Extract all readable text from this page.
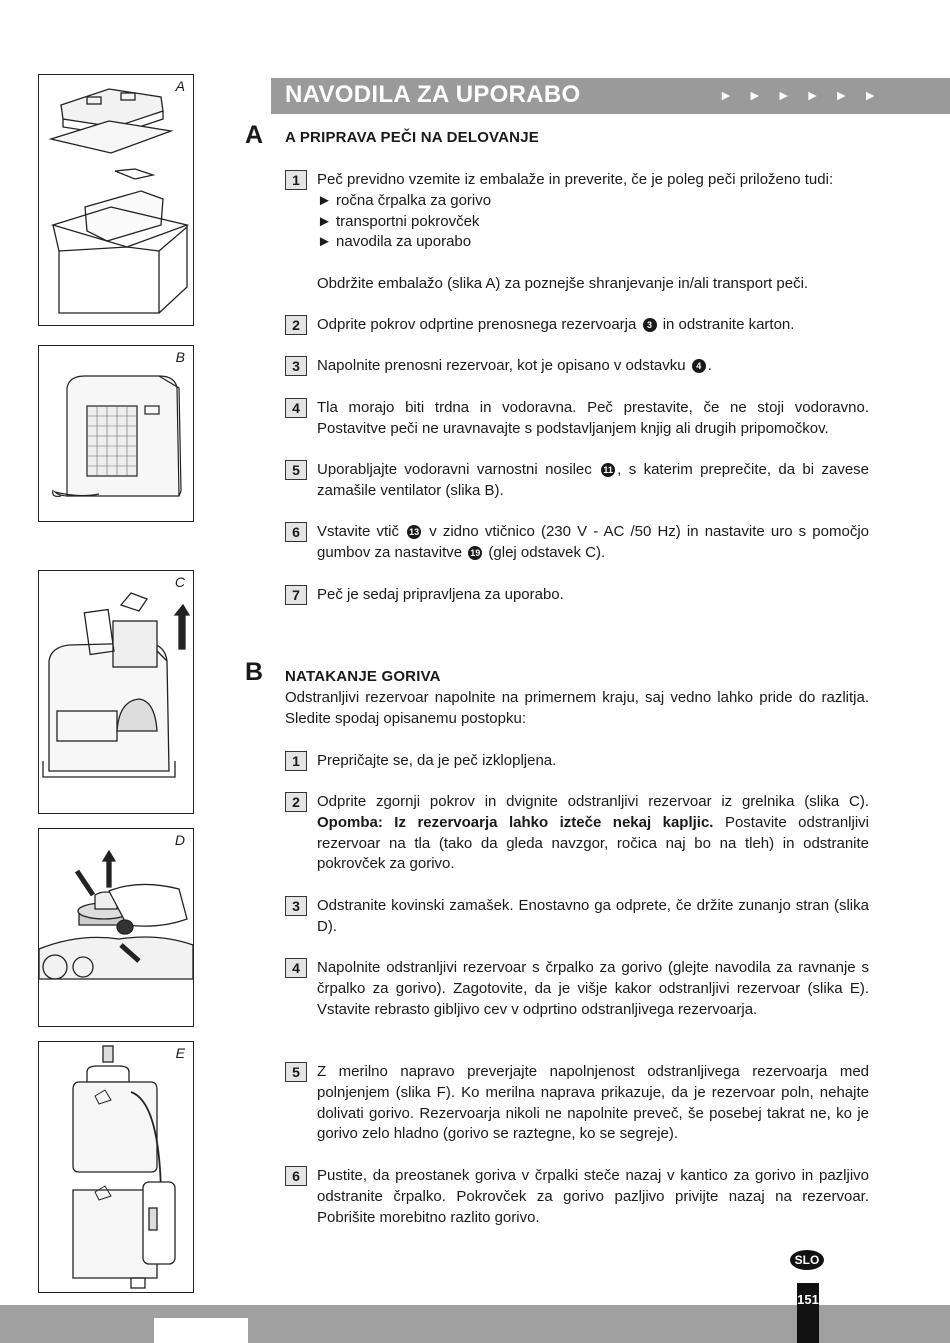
A
B
C
D
E
NAVODILA ZA UPORABO	►►►►►►
A A PRIPRAVA PEČI NA DELOVANJE
1	Peč previdno vzemite iz embalaže in preverite, če je poleg peči priloženo tudi:
► ročna črpalka za gorivo
► transportni pokrovček
► navodila za uporabo
Obdržite embalažo (slika A) za poznejše shranjevanje in/ali transport peči.
2	Odprite pokrov odprtine prenosnega rezervoarja 3 in odstranite karton.
3	Napolnite prenosni rezervoar, kot je opisano v odstavku 4 .
4	Tla morajo biti trdna in vodoravna. Peč prestavite, če ne stoji vodoravno. Postavitve peči ne uravnavajte s podstavljanjem knjig ali drugih pripomočkov.
5	Uporabljajte vodoravni varnostni nosilec 11 , s katerim preprečite, da bi zavese zamašile ventilator (slika B).
6	Vstavite vtič 13 v zidno vtičnico (230 V - AC /50 Hz) in nastavite uro s pomočjo gumbov za nastavitve 19 (glej odstavek C).
7	Peč je sedaj pripravljena za uporabo.
B NATAKANJE GORIVA
Odstranljivi rezervoar napolnite na primernem kraju, saj vedno lahko pride do razlitja. Sledite spodaj opisanemu postopku:
1	Prepričajte se, da je peč izklopljena.
2	Odprite zgornji pokrov in dvignite odstranljivi rezervoar iz grelnika (slika C). Opomba: Iz rezervoarja lahko izteče nekaj kapljic. Postavite odstranljivi rezervoar na tla (tako da gleda navzgor, ročica naj bo na tleh) in odstranite pokrovček za gorivo.
3	Odstranite kovinski zamašek. Enostavno ga odprete, če držite zunanjo stran (slika D).
4	Napolnite odstranljivi rezervoar s črpalko za gorivo (glejte navodila za ravnanje s črpalko za gorivo). Zagotovite, da je višje kakor odstranljivi rezervoar (slika E). Vstavite rebrasto gibljivo cev v odprtino odstranljivega rezervoarja.
5	Z merilno napravo preverjajte napolnjenost odstranljivega rezervoarja med polnjenjem (slika F). Ko merilna naprava prikazuje, da je rezervoar poln, nehajte dolivati gorivo. Rezervoarja nikoli ne napolnite preveč, še posebej takrat ne, ko je gorivo zelo hladno (gorivo se raztegne, ko se segreje).
6	Pustite, da preostanek goriva v črpalki steče nazaj v kantico za gorivo in pazljivo odstranite črpalko. Pokrovček za gorivo pazljivo privijte nazaj na rezervoar. Pobrišite morebitno razlito gorivo.
SLO
151
